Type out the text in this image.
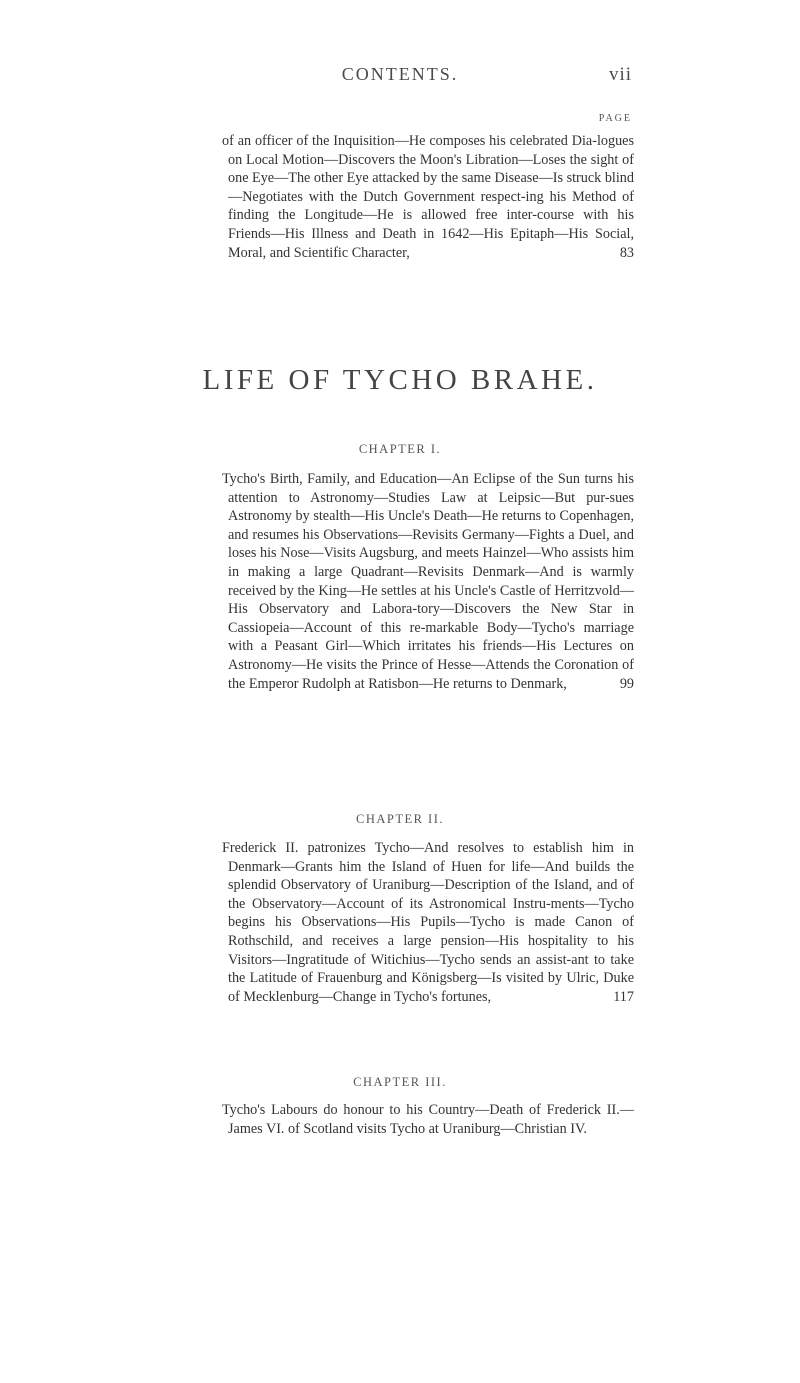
CONTENTS.	vii
PAGE

of an officer of the Inquisition—He composes his celebrated Dia-logues on Local Motion—Discovers the Moon's Libration—Loses the sight of one Eye—The other Eye attacked by the same Disease—Is struck blind—Negotiates with the Dutch Government respect-ing his Method of finding the Longitude—He is allowed free inter-course with his Friends—His Illness and Death in 1642—His Epitaph—His Social, Moral, and Scientific Character,	83

LIFE OF TYCHO BRAHE.
CHAPTER I.

Tycho's Birth, Family, and Education—An Eclipse of the Sun turns his attention to Astronomy—Studies Law at Leipsic—But pur-sues Astronomy by stealth—His Uncle's Death—He returns to Copenhagen, and resumes his Observations—Revisits Germany—Fights a Duel, and loses his Nose—Visits Augsburg, and meets Hainzel—Who assists him in making a large Quadrant—Revisits Denmark—And is warmly received by the King—He settles at his Uncle's Castle of Herritzvold—His Observatory and Labora-tory—Discovers the New Star in Cassiopeia—Account of this re-markable Body—Tycho's marriage with a Peasant Girl—Which irritates his friends—His Lectures on Astronomy—He visits the Prince of Hesse—Attends the Coronation of the Emperor Rudolph at Ratisbon—He returns to Denmark,	99

CHAPTER II.

Frederick II. patronizes Tycho—And resolves to establish him in Denmark—Grants him the Island of Huen for life—And builds the splendid Observatory of Uraniburg—Description of the Island, and of the Observatory—Account of its Astronomical Instru-ments—Tycho begins his Observations—His Pupils—Tycho is made Canon of Rothschild, and receives a large pension—His hospitality to his Visitors—Ingratitude of Witichius—Tycho sends an assist-ant to take the Latitude of Frauenburg and Königsberg—Is visited by Ulric, Duke of Mecklenburg—Change in Tycho's fortunes,	117

CHAPTER III.

Tycho's Labours do honour to his Country—Death of Frederick II.—James VI. of Scotland visits Tycho at Uraniburg—Christian IV.
